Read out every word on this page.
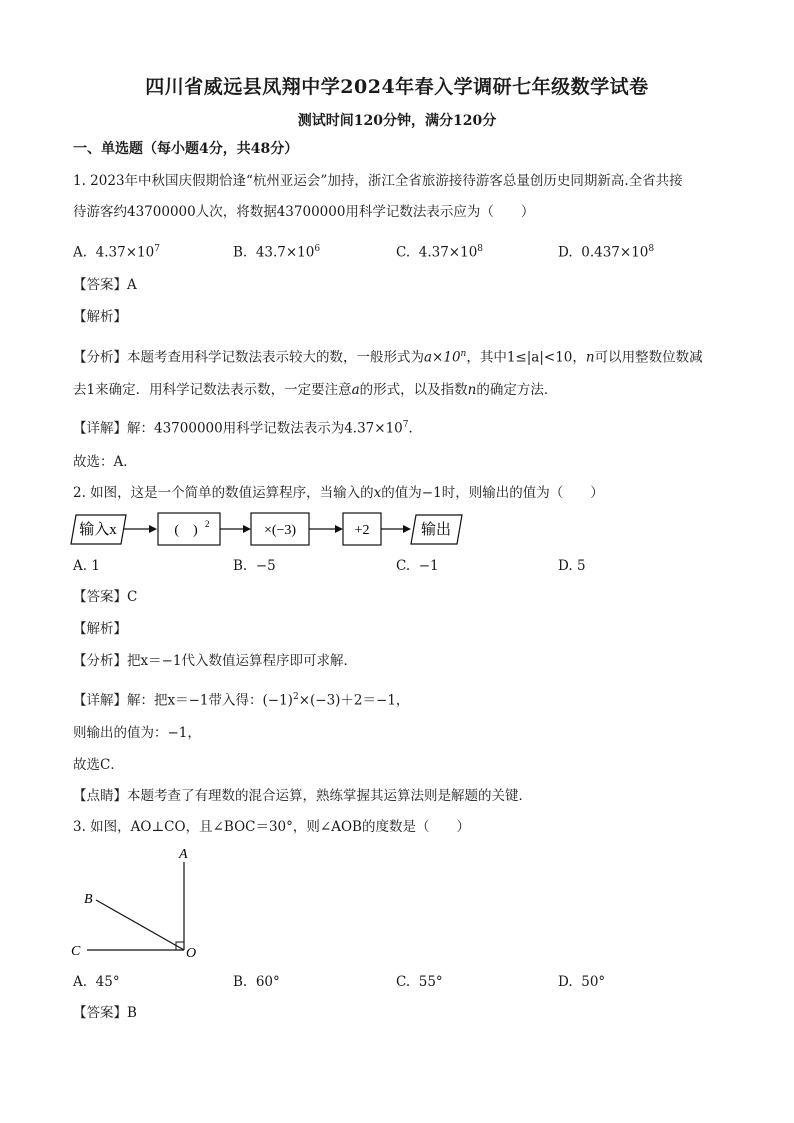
四川省威远县凤翔中学2024年春入学调研七年级数学试卷
测试时间120分钟，满分120分
一、单选题（每小题4分，共48分）
1. 2023年中秋国庆假期恰逢“杭州亚运会”加持，浙江全省旅游接待游客总量创历史同期新高.全省共接
待游客约43700000人次，将数据43700000用科学记数法表示应为（　　）
A. $4.37\times 10^7$	B. $43.7\times 10^6$	C. $4.37\times 10^8$	D. $0.437\times 10^8$
【答案】A
【解析】
【分析】本题考查用科学记数法表示较大的数，一般形式为$a\times 10^n$，其中1≤|a|<10，n可以用整数位数减
去1来确定．用科学记数法表示数，一定要注意a的形式，以及指数n的确定方法．
【详解】解：43700000用科学记数法表示为$4.37\times 10^7$．
故选：A．
2. 如图，这是一个简单的数值运算程序，当输入的x的值为−1时，则输出的值为（　　）
输入x	(　) 2	×(−3)	+2	输出
A. 1	B. −5	C. −1	D. 5
【答案】C
【解析】
【分析】把x＝−1代入数值运算程序即可求解．
【详解】解：把x＝−1带入得：$(-1)^2\times(-3)+2=-1$，
则输出的值为：−1，
故选C．
【点睛】本题考查了有理数的混合运算，熟练掌握其运算法则是解题的关键．
3. 如图，AO⊥CO，且∠BOC＝30°，则∠AOB的度数是（　　）
A
B
C	O
A. 45°	B. 60°	C. 55°	D. 50°
【答案】B
